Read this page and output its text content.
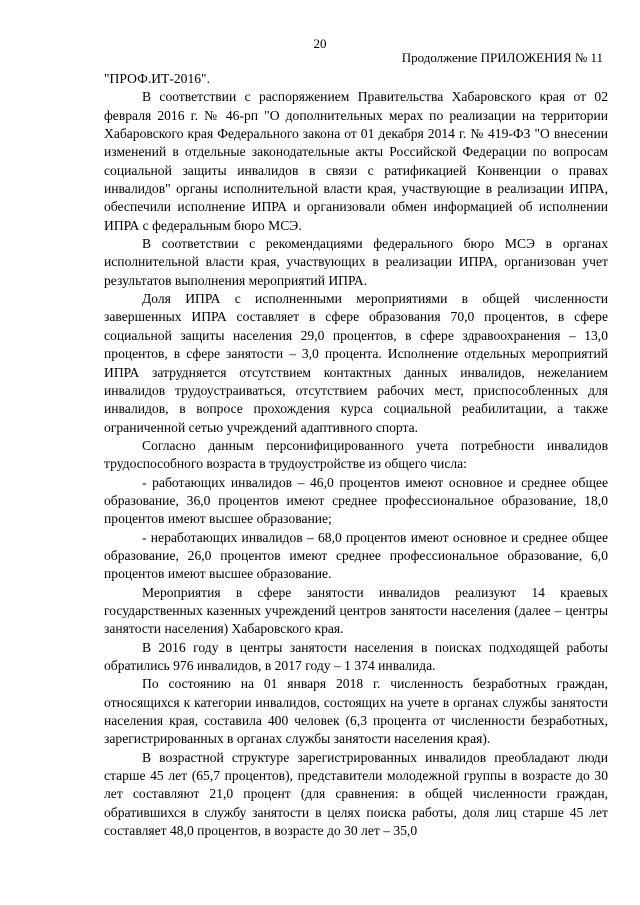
20
Продолжение ПРИЛОЖЕНИЯ № 11

"ПРОФ.ИТ-2016".

В соответствии с распоряжением Правительства Хабаровского края от 02 февраля 2016 г. № 46-рп "О дополнительных мерах по реализации на территории Хабаровского края Федерального закона от 01 декабря 2014 г. № 419-ФЗ "О внесении изменений в отдельные законодательные акты Российской Федерации по вопросам социальной защиты инвалидов в связи с ратификацией Конвенции о правах инвалидов" органы исполнительной власти края, участвующие в реализации ИПРА, обеспечили исполнение ИПРА и организовали обмен информацией об исполнении ИПРА с федеральным бюро МСЭ.

В соответствии с рекомендациями федерального бюро МСЭ в органах исполнительной власти края, участвующих в реализации ИПРА, организован учет результатов выполнения мероприятий ИПРА.

Доля ИПРА с исполненными мероприятиями в общей численности завершенных ИПРА составляет в сфере образования 70,0 процентов, в сфере социальной защиты населения 29,0 процентов, в сфере здравоохранения – 13,0 процентов, в сфере занятости – 3,0 процента. Исполнение отдельных мероприятий ИПРА затрудняется отсутствием контактных данных инвалидов, нежеланием инвалидов трудоустраиваться, отсутствием рабочих мест, приспособленных для инвалидов, в вопросе прохождения курса социальной реабилитации, а также ограниченной сетью учреждений адаптивного спорта.

Согласно данным персонифицированного учета потребности инвалидов трудоспособного возраста в трудоустройстве из общего числа:

- работающих инвалидов – 46,0 процентов имеют основное и среднее общее образование, 36,0 процентов имеют среднее профессиональное образование, 18,0 процентов имеют высшее образование;

- неработающих инвалидов – 68,0 процентов имеют основное и среднее общее образование, 26,0 процентов имеют среднее профессиональное образование, 6,0 процентов имеют высшее образование.

Мероприятия в сфере занятости инвалидов реализуют 14 краевых государственных казенных учреждений центров занятости населения (далее – центры занятости населения) Хабаровского края.

В 2016 году в центры занятости населения в поисках подходящей работы обратились 976 инвалидов, в 2017 году – 1 374 инвалида.

По состоянию на 01 января 2018 г. численность безработных граждан, относящихся к категории инвалидов, состоящих на учете в органах службы занятости населения края, составила 400 человек (6,3 процента от численности безработных, зарегистрированных в органах службы занятости населения края).

В возрастной структуре зарегистрированных инвалидов преобладают люди старше 45 лет (65,7 процентов), представители молодежной группы в возрасте до 30 лет составляют 21,0 процент (для сравнения: в общей численности граждан, обратившихся в службу занятости в целях поиска работы, доля лиц старше 45 лет составляет 48,0 процентов, в возрасте до 30 лет – 35,0
